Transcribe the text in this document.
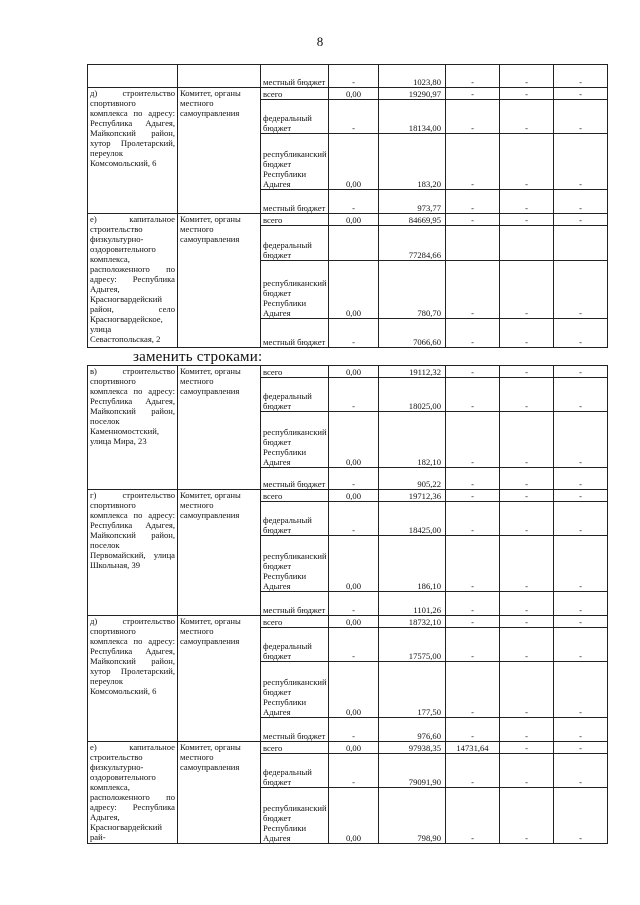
8
		местный бюджет	-	1023,80	-	-	-
д) строительство спортивного комплекса по адресу: Республика Адыгея, Майкопский район, хутор Пролетарский, переулок Комсомольский, 6	Комитет, органы местного самоуправления	всего	0,00	19290,97	-	-	-
		федеральный бюджет	-	18134,00	-	-	-
		республиканский бюджет Республики Адыгея	0,00	183,20	-	-	-
		местный бюджет	-	973,77	-	-	-
е) капитальное строительство физкультурно-оздоровительного комплекса, расположенного по адресу: Республика Адыгея, Красногвардейский район, село Красногвардейское, улица Севастопольская, 2	Комитет, органы местного самоуправления	всего	0,00	84669,95	-	-	-
		федеральный бюджет		77284,66			
		республиканский бюджет Республики Адыгея	0,00	780,70	-	-	-
		местный бюджет	-	7066,60	-	-	-
заменить строками:
в) строительство спортивного комплекса по адресу: Республика Адыгея, Майкопский район, поселок Каменномостский, улица Мира, 23	Комитет, органы местного самоуправления	всего	0,00	19112,32	-	-	-
		федеральный бюджет	-	18025,00	-	-	-
		республиканский бюджет Республики Адыгея	0,00	182,10	-	-	-
		местный бюджет	-	905,22	-	-	-
г) строительство спортивного комплекса по адресу: Республика Адыгея, Майкопский район, поселок Первомайский, улица Школьная, 39	Комитет, органы местного самоуправления	всего	0,00	19712,36	-	-	-
		федеральный бюджет	-	18425,00	-	-	-
		республиканский бюджет Республики Адыгея	0,00	186,10	-	-	-
		местный бюджет	-	1101,26	-	-	-
д) строительство спортивного комплекса по адресу: Республика Адыгея, Майкопский район, хутор Пролетарский, переулок Комсомольский, 6	Комитет, органы местного самоуправления	всего	0,00	18732,10	-	-	-
		федеральный бюджет	-	17575,00	-	-	-
		республиканский бюджет Республики Адыгея	0,00	177,50	-	-	-
		местный бюджет	-	976,60	-	-	-
е) капитальное строительство физкультурно-оздоровительного комплекса, расположенного по адресу: Республика Адыгея, Красногвардейский рай-	Комитет, органы местного самоуправления	всего	0,00	97938,35	14731,64	-	-
		федеральный бюджет	-	79091,90	-	-	-
		республиканский бюджет Республики Адыгея	0,00	798,90	-	-	-
